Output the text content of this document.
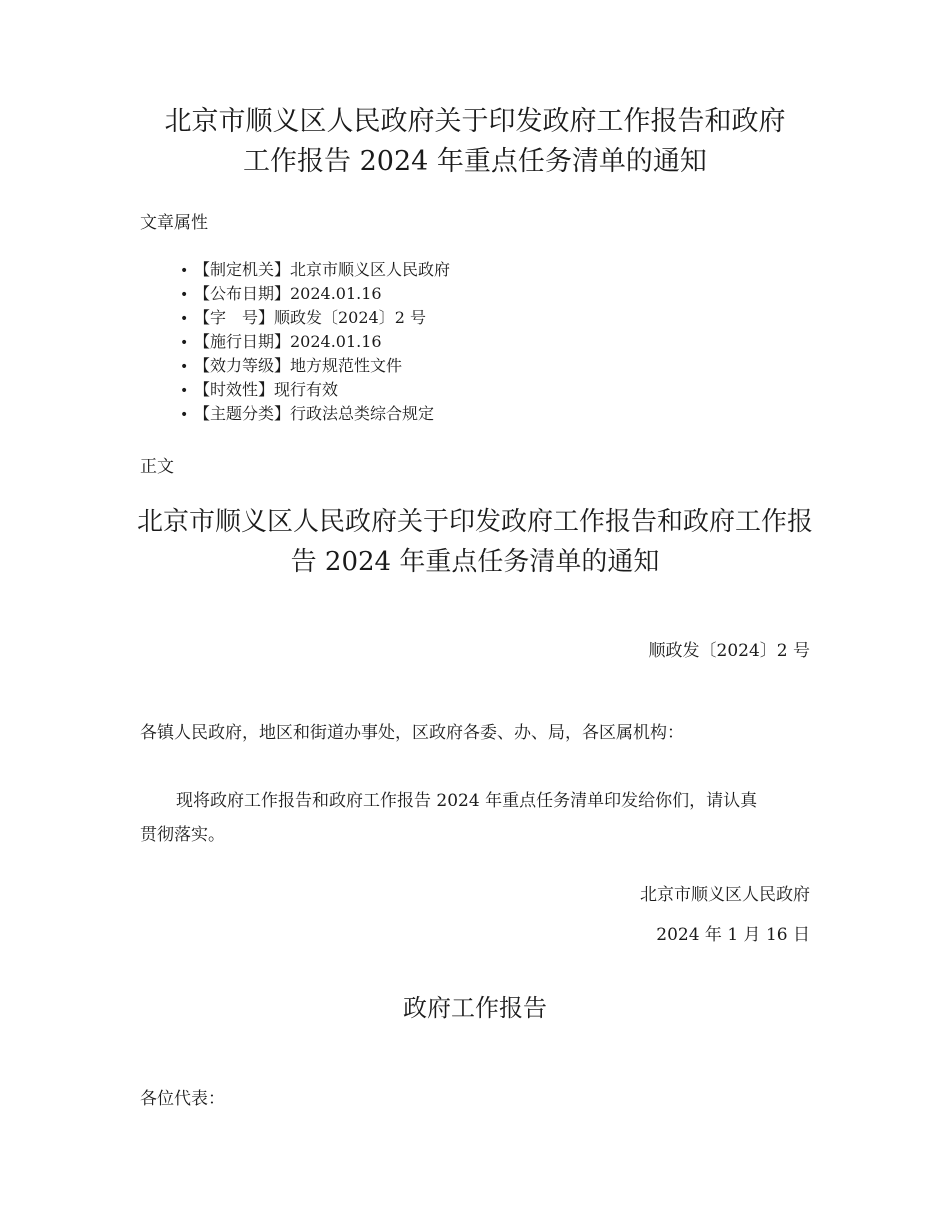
北京市顺义区人民政府关于印发政府工作报告和政府
工作报告 2024 年重点任务清单的通知
文章属性
• 【制定机关】北京市顺义区人民政府
• 【公布日期】2024.01.16
• 【字　号】顺政发〔2024〕2 号
• 【施行日期】2024.01.16
• 【效力等级】地方规范性文件
• 【时效性】现行有效
• 【主题分类】行政法总类综合规定
正文
北京市顺义区人民政府关于印发政府工作报告和政府工作报
告 2024 年重点任务清单的通知
顺政发〔2024〕2 号
各镇人民政府，地区和街道办事处，区政府各委、办、局，各区属机构：
现将政府工作报告和政府工作报告 2024 年重点任务清单印发给你们，请认真
贯彻落实。
北京市顺义区人民政府
2024 年 1 月 16 日
政府工作报告
各位代表：
